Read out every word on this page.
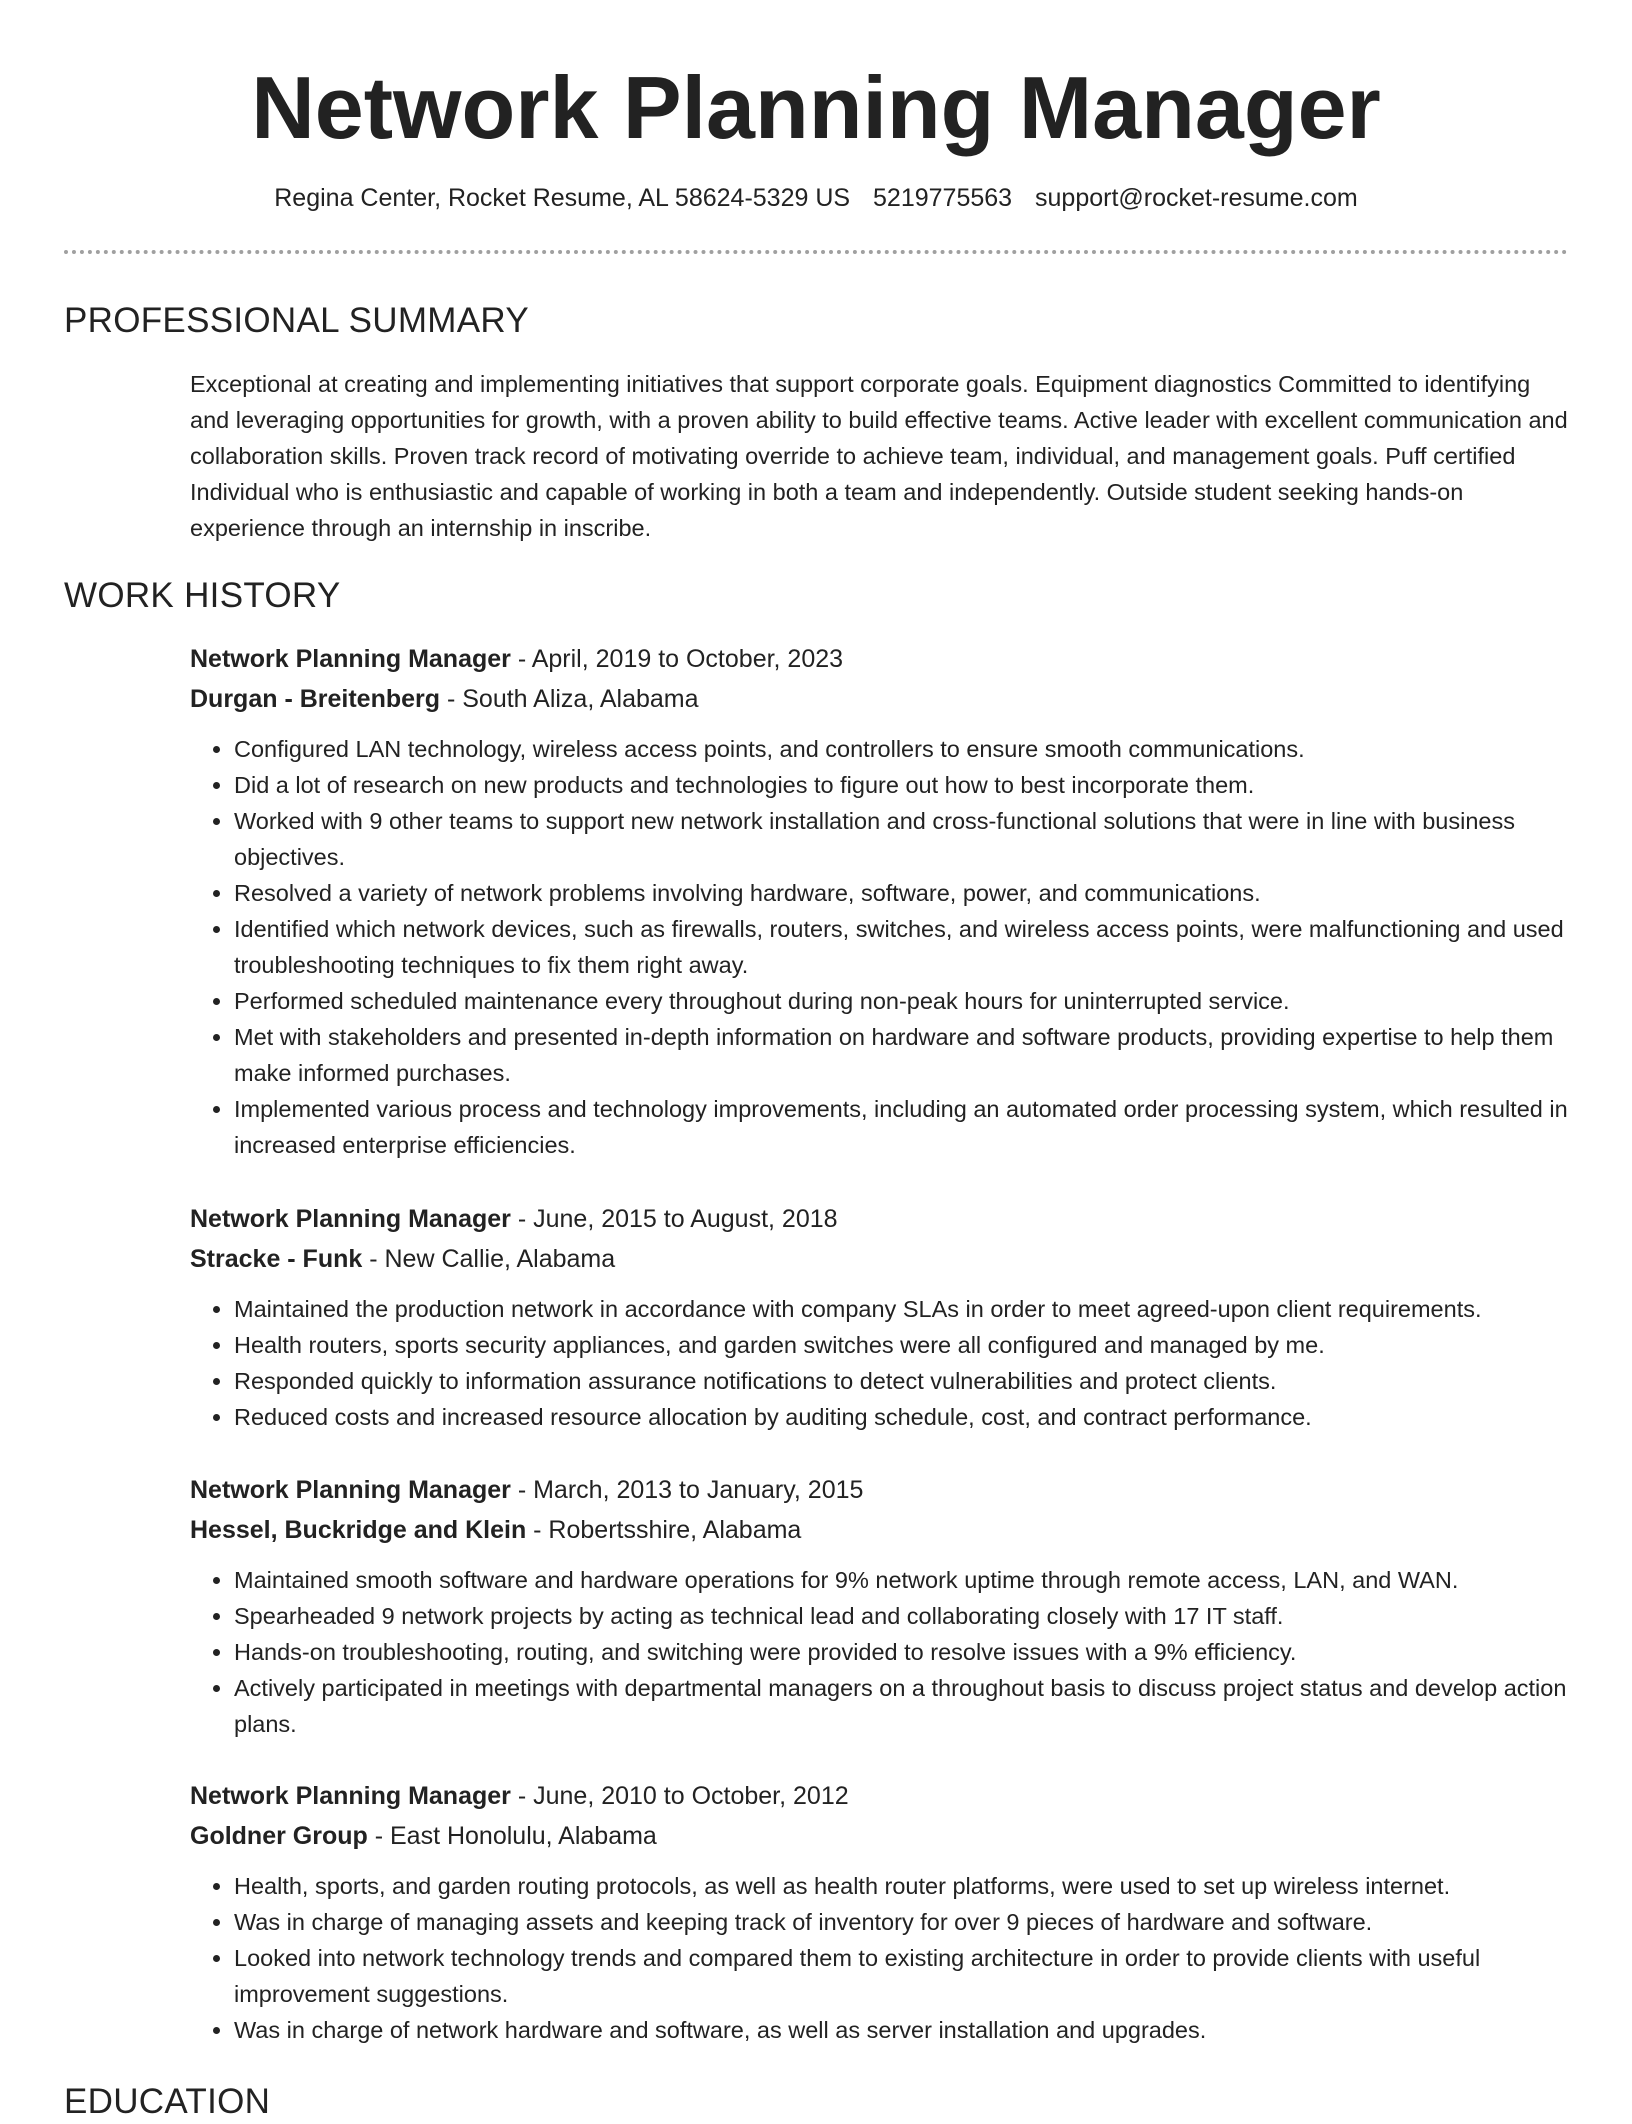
Network Planning Manager
Regina Center, Rocket Resume, AL 58624-5329 US 5219775563 support@rocket-resume.com
PROFESSIONAL SUMMARY

Exceptional at creating and implementing initiatives that support corporate goals. Equipment diagnostics Committed to identifying and leveraging opportunities for growth, with a proven ability to build effective teams. Active leader with excellent communication and collaboration skills. Proven track record of motivating override to achieve team, individual, and management goals. Puff certified Individual who is enthusiastic and capable of working in both a team and independently. Outside student seeking hands-on experience through an internship in inscribe.

WORK HISTORY
Network Planning Manager - April, 2019 to October, 2023
Durgan - Breitenberg - South Aliza, Alabama
• Configured LAN technology, wireless access points, and controllers to ensure smooth communications.
• Did a lot of research on new products and technologies to figure out how to best incorporate them.
• Worked with 9 other teams to support new network installation and cross-functional solutions that were in line with business objectives.
• Resolved a variety of network problems involving hardware, software, power, and communications.
• Identified which network devices, such as firewalls, routers, switches, and wireless access points, were malfunctioning and used troubleshooting techniques to fix them right away.
• Performed scheduled maintenance every throughout during non-peak hours for uninterrupted service.
• Met with stakeholders and presented in-depth information on hardware and software products, providing expertise to help them make informed purchases.
• Implemented various process and technology improvements, including an automated order processing system, which resulted in increased enterprise efficiencies.
Network Planning Manager - June, 2015 to August, 2018
Stracke - Funk - New Callie, Alabama
• Maintained the production network in accordance with company SLAs in order to meet agreed-upon client requirements.
• Health routers, sports security appliances, and garden switches were all configured and managed by me.
• Responded quickly to information assurance notifications to detect vulnerabilities and protect clients.
• Reduced costs and increased resource allocation by auditing schedule, cost, and contract performance.
Network Planning Manager - March, 2013 to January, 2015
Hessel, Buckridge and Klein - Robertsshire, Alabama
• Maintained smooth software and hardware operations for 9% network uptime through remote access, LAN, and WAN.
• Spearheaded 9 network projects by acting as technical lead and collaborating closely with 17 IT staff.
• Hands-on troubleshooting, routing, and switching were provided to resolve issues with a 9% efficiency.
• Actively participated in meetings with departmental managers on a throughout basis to discuss project status and develop action plans.
Network Planning Manager - June, 2010 to October, 2012
Goldner Group - East Honolulu, Alabama
• Health, sports, and garden routing protocols, as well as health router platforms, were used to set up wireless internet.
• Was in charge of managing assets and keeping track of inventory for over 9 pieces of hardware and software.
• Looked into network technology trends and compared them to existing architecture in order to provide clients with useful improvement suggestions.
• Was in charge of network hardware and software, as well as server installation and upgrades.
EDUCATION
